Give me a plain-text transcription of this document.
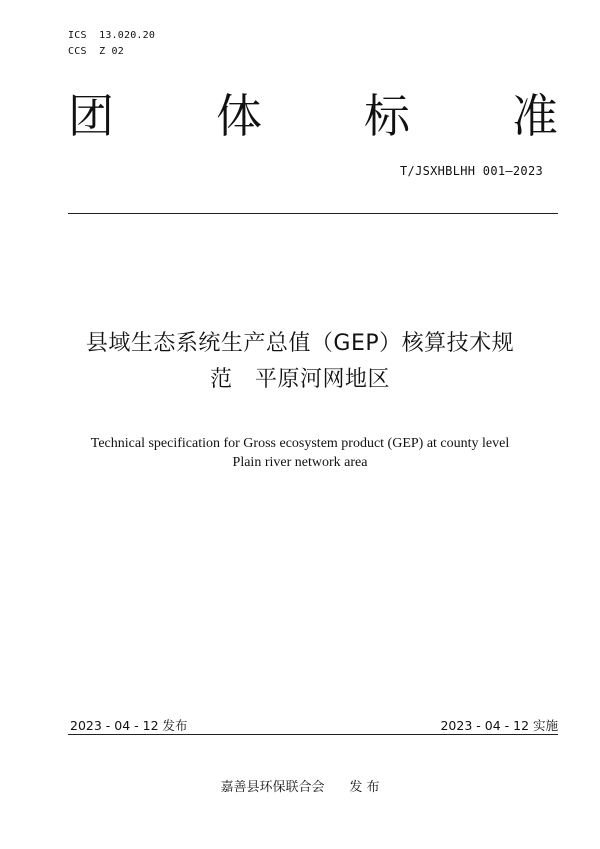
ICS  13.020.20
CCS  Z 02
团 体 标 准
T/JSXHBLHH 001—2023
县域生态系统生产总值（GEP）核算技术规
范   平原河网地区
Technical specification for Gross ecosystem product (GEP) at county level
Plain river network area
2023 - 04 - 12 发布	2023 - 04 - 12 实施
嘉善县环保联合会      发 布
